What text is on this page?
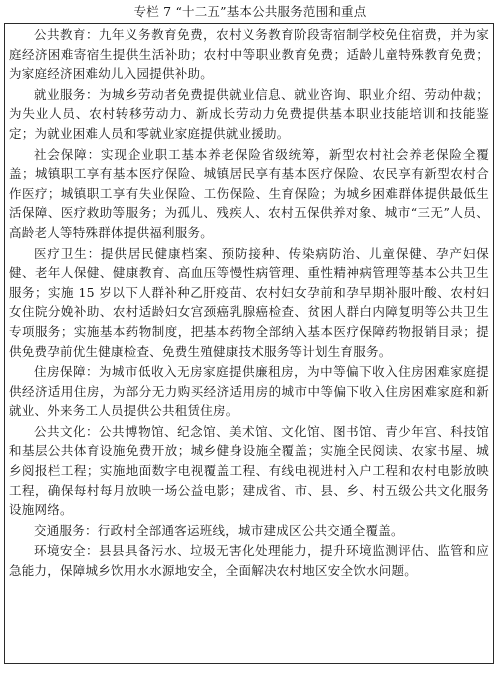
专栏 7 “十二五”基本公共服务范围和重点

公共教育：九年义务教育免费，农村义务教育阶段寄宿制学校免住宿费，并为家庭经济困难寄宿生提供生活补助；农村中等职业教育免费；适龄儿童特殊教育免费；为家庭经济困难幼儿入园提供补助。

就业服务：为城乡劳动者免费提供就业信息、就业咨询、职业介绍、劳动仲裁；为失业人员、农村转移劳动力、新成长劳动力免费提供基本职业技能培训和技能鉴定；为就业困难人员和零就业家庭提供就业援助。

社会保障：实现企业职工基本养老保险省级统筹，新型农村社会养老保险全覆盖；城镇职工享有基本医疗保险、城镇居民享有基本医疗保险、农民享有新型农村合作医疗；城镇职工享有失业保险、工伤保险、生育保险；为城乡困难群体提供最低生活保障、医疗救助等服务；为孤儿、残疾人、农村五保供养对象、城市“三无”人员、高龄老人等特殊群体提供福利服务。

医疗卫生：提供居民健康档案、预防接种、传染病防治、儿童保健、孕产妇保健、老年人保健、健康教育、高血压等慢性病管理、重性精神病管理等基本公共卫生服务；实施 15 岁以下人群补种乙肝疫苗、农村妇女孕前和孕早期补服叶酸、农村妇女住院分娩补助、农村适龄妇女宫颈癌乳腺癌检查、贫困人群白内障复明等公共卫生专项服务；实施基本药物制度，把基本药物全部纳入基本医疗保障药物报销目录；提供免费孕前优生健康检查、免费生殖健康技术服务等计划生育服务。

住房保障：为城市低收入无房家庭提供廉租房，为中等偏下收入住房困难家庭提供经济适用住房，为部分无力购买经济适用房的城市中等偏下收入住房困难家庭和新就业、外来务工人员提供公共租赁住房。

公共文化：公共博物馆、纪念馆、美术馆、文化馆、图书馆、青少年宫、科技馆和基层公共体育设施免费开放；城乡健身设施全覆盖；实施全民阅读、农家书屋、城乡阅报栏工程；实施地面数字电视覆盖工程、有线电视进村入户工程和农村电影放映工程，确保每村每月放映一场公益电影；建成省、市、县、乡、村五级公共文化服务设施网络。

交通服务：行政村全部通客运班线，城市建成区公共交通全覆盖。

环境安全：县县具备污水、垃圾无害化处理能力，提升环境监测评估、监管和应急能力，保障城乡饮用水水源地安全，全面解决农村地区安全饮水问题。
